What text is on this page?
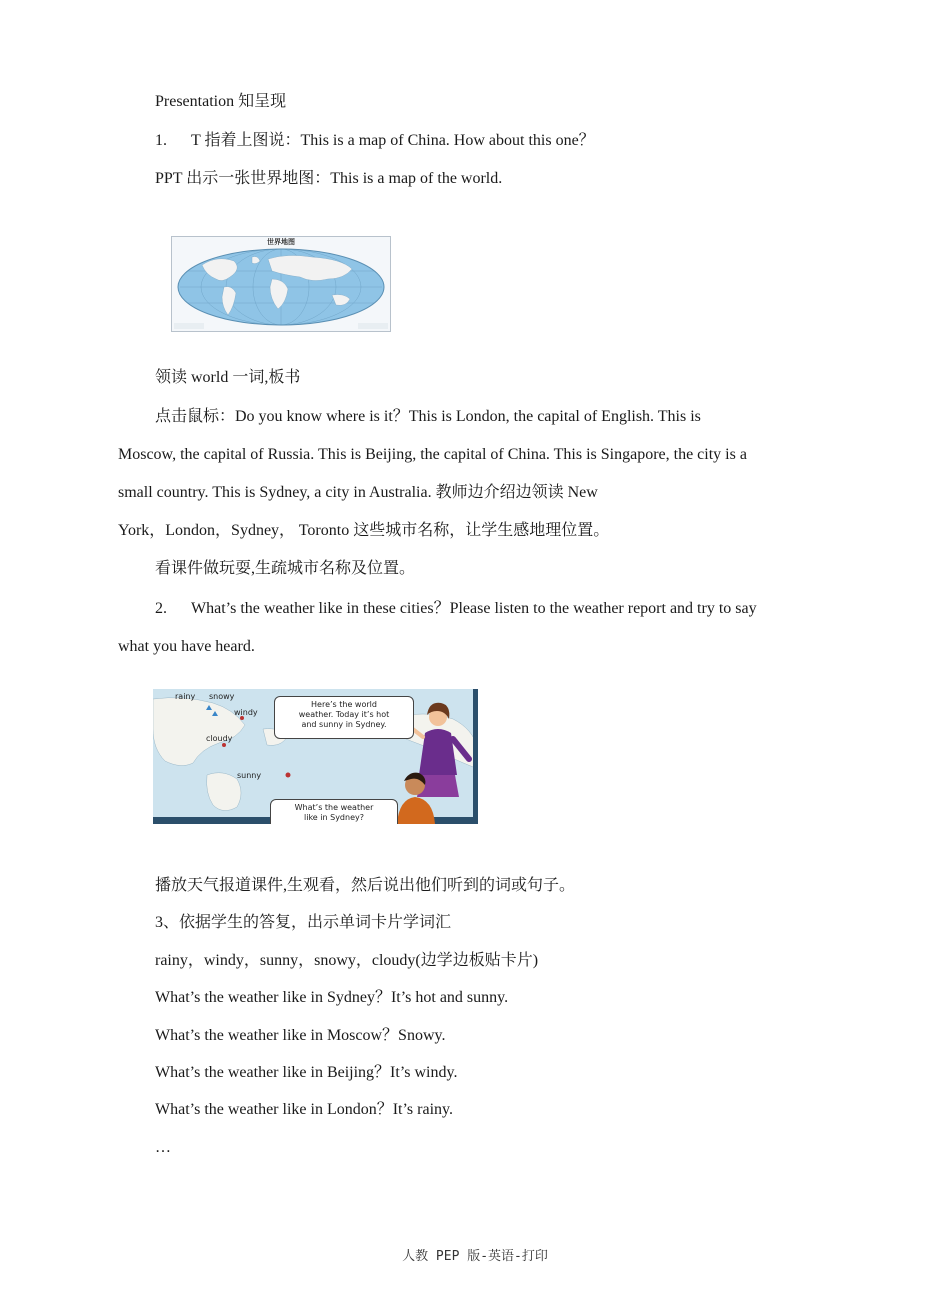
Presentation 知呈现
1. T 指着上图说：This is a map of China. How about this one？
PPT 出示一张世界地图：This is a map of the world.
世界地图
领读 world 一词,板书
点击鼠标：Do you know where is it？This is London, the capital of English. This is
Moscow, the capital of Russia. This is Beijing, the capital of China. This is Singapore, the city is a
small country. This is Sydney, a city in Australia. 教师边介绍边领读 New
York，London，Sydney， Toronto 这些城市名称，让学生感地理位置。
看课件做玩耍,生疏城市名称及位置。
2. What’s the weather like in these cities？Please listen to the weather report and try to say
what you have heard.
rainy snowy
windy
cloudy
sunny
Here’s the world
weather. Today it’s hot
and sunny in Sydney.
What’s the weather
like in Sydney?
播放天气报道课件,生观看，然后说出他们听到的词或句子。
3、依据学生的答复，出示单词卡片学词汇
rainy，windy，sunny，snowy，cloudy(边学边板贴卡片)
What’s the weather like in Sydney？It’s hot and sunny.
What’s the weather like in Moscow？Snowy.
What’s the weather like in Beijing？It’s windy.
What’s the weather like in London？It’s rainy.
…
人教 PEP 版-英语-打印
